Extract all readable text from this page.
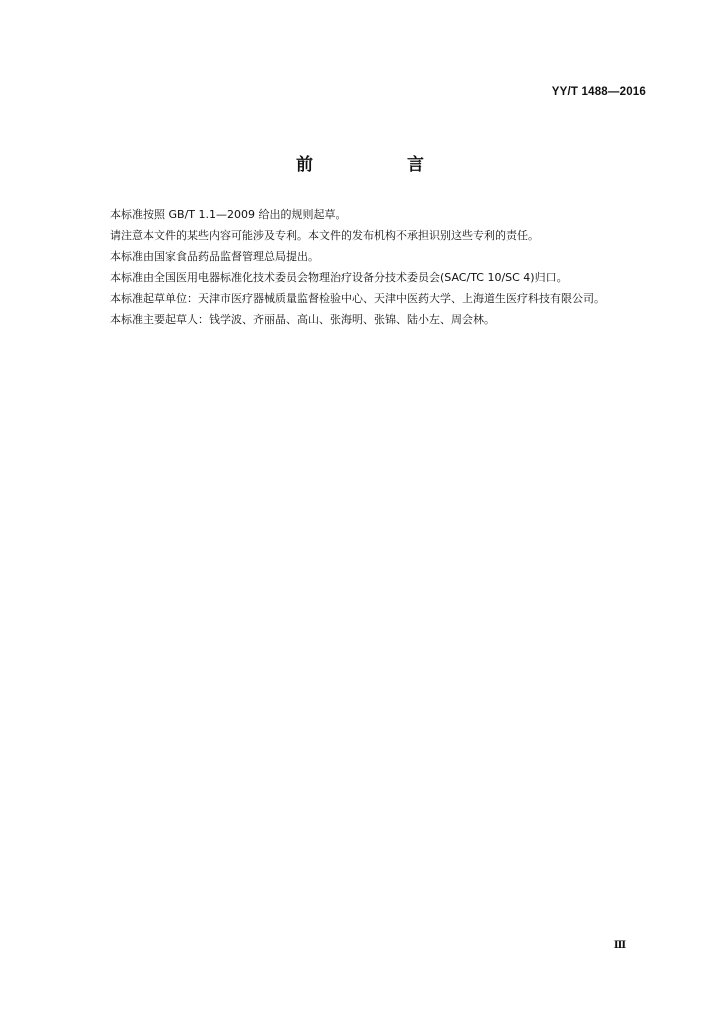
YY/T 1488—2016
前 言

本标准按照 GB/T 1.1—2009 给出的规则起草。

请注意本文件的某些内容可能涉及专利。本文件的发布机构不承担识别这些专利的责任。

本标准由国家食品药品监督管理总局提出。

本标准由全国医用电器标准化技术委员会物理治疗设备分技术委员会(SAC/TC 10/SC 4)归口。

本标准起草单位：天津市医疗器械质量监督检验中心、天津中医药大学、上海道生医疗科技有限公司。

本标准主要起草人：钱学波、齐丽晶、高山、张海明、张锦、陆小左、周会林。

Ⅲ
